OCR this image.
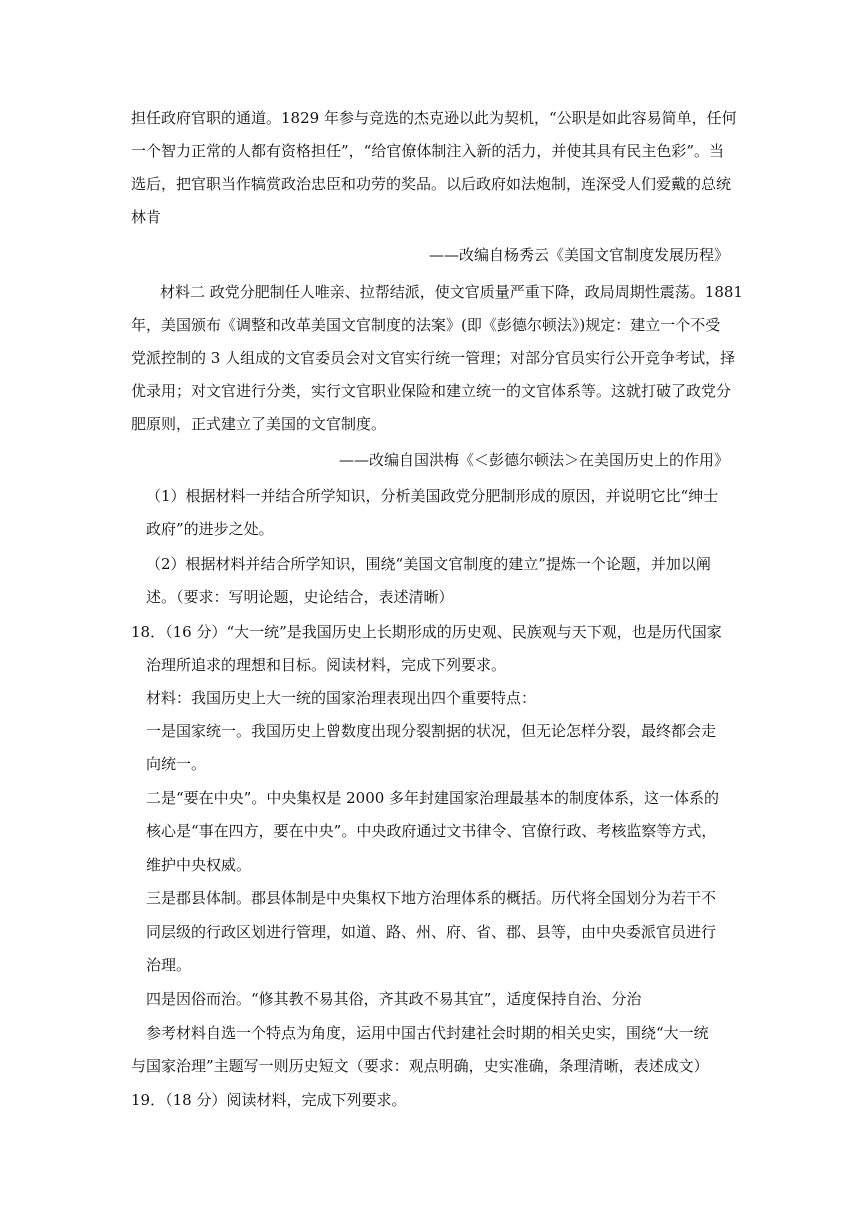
担任政府官职的通道。1829 年参与竞选的杰克逊以此为契机，“公职是如此容易简单，任何
一个智力正常的人都有资格担任”，“给官僚体制注入新的活力，并使其具有民主色彩”。当
选后，把官职当作犒赏政治忠臣和功劳的奖品。以后政府如法炮制，连深受人们爱戴的总统
林肯
——改编自杨秀云《美国文官制度发展历程》
材料二 政党分肥制任人唯亲、拉帮结派，使文官质量严重下降，政局周期性震荡。1881
年，美国颁布《调整和改革美国文官制度的法案》(即《彭德尔顿法》)规定：建立一个不受
党派控制的 3 人组成的文官委员会对文官实行统一管理；对部分官员实行公开竞争考试，择
优录用；对文官进行分类，实行文官职业保险和建立统一的文官体系等。这就打破了政党分
肥原则，正式建立了美国的文官制度。
——改编自国洪梅《＜彭德尔顿法＞在美国历史上的作用》
（1）根据材料一并结合所学知识，分析美国政党分肥制形成的原因，并说明它比“绅士
政府”的进步之处。
（2）根据材料并结合所学知识，围绕“美国文官制度的建立”提炼一个论题，并加以阐
述。（要求：写明论题，史论结合，表述清晰）
18．（16 分）“大一统”是我国历史上长期形成的历史观、民族观与天下观，也是历代国家
治理所追求的理想和目标。阅读材料，完成下列要求。
材料：我国历史上大一统的国家治理表现出四个重要特点：
一是国家统一。我国历史上曾数度出现分裂割据的状况，但无论怎样分裂，最终都会走
向统一。
二是“要在中央”。中央集权是 2000 多年封建国家治理最基本的制度体系，这一体系的
核心是“事在四方，要在中央”。中央政府通过文书律令、官僚行政、考核监察等方式，
维护中央权威。
三是郡县体制。郡县体制是中央集权下地方治理体系的概括。历代将全国划分为若干不
同层级的行政区划进行管理，如道、路、州、府、省、郡、县等，由中央委派官员进行
治理。
四是因俗而治。“修其教不易其俗，齐其政不易其宜”，适度保持自治、分治
参考材料自选一个特点为角度，运用中国古代封建社会时期的相关史实，围绕“大一统
与国家治理”主题写一则历史短文（要求：观点明确，史实准确，条理清晰，表述成文）
19．（18 分）阅读材料，完成下列要求。
